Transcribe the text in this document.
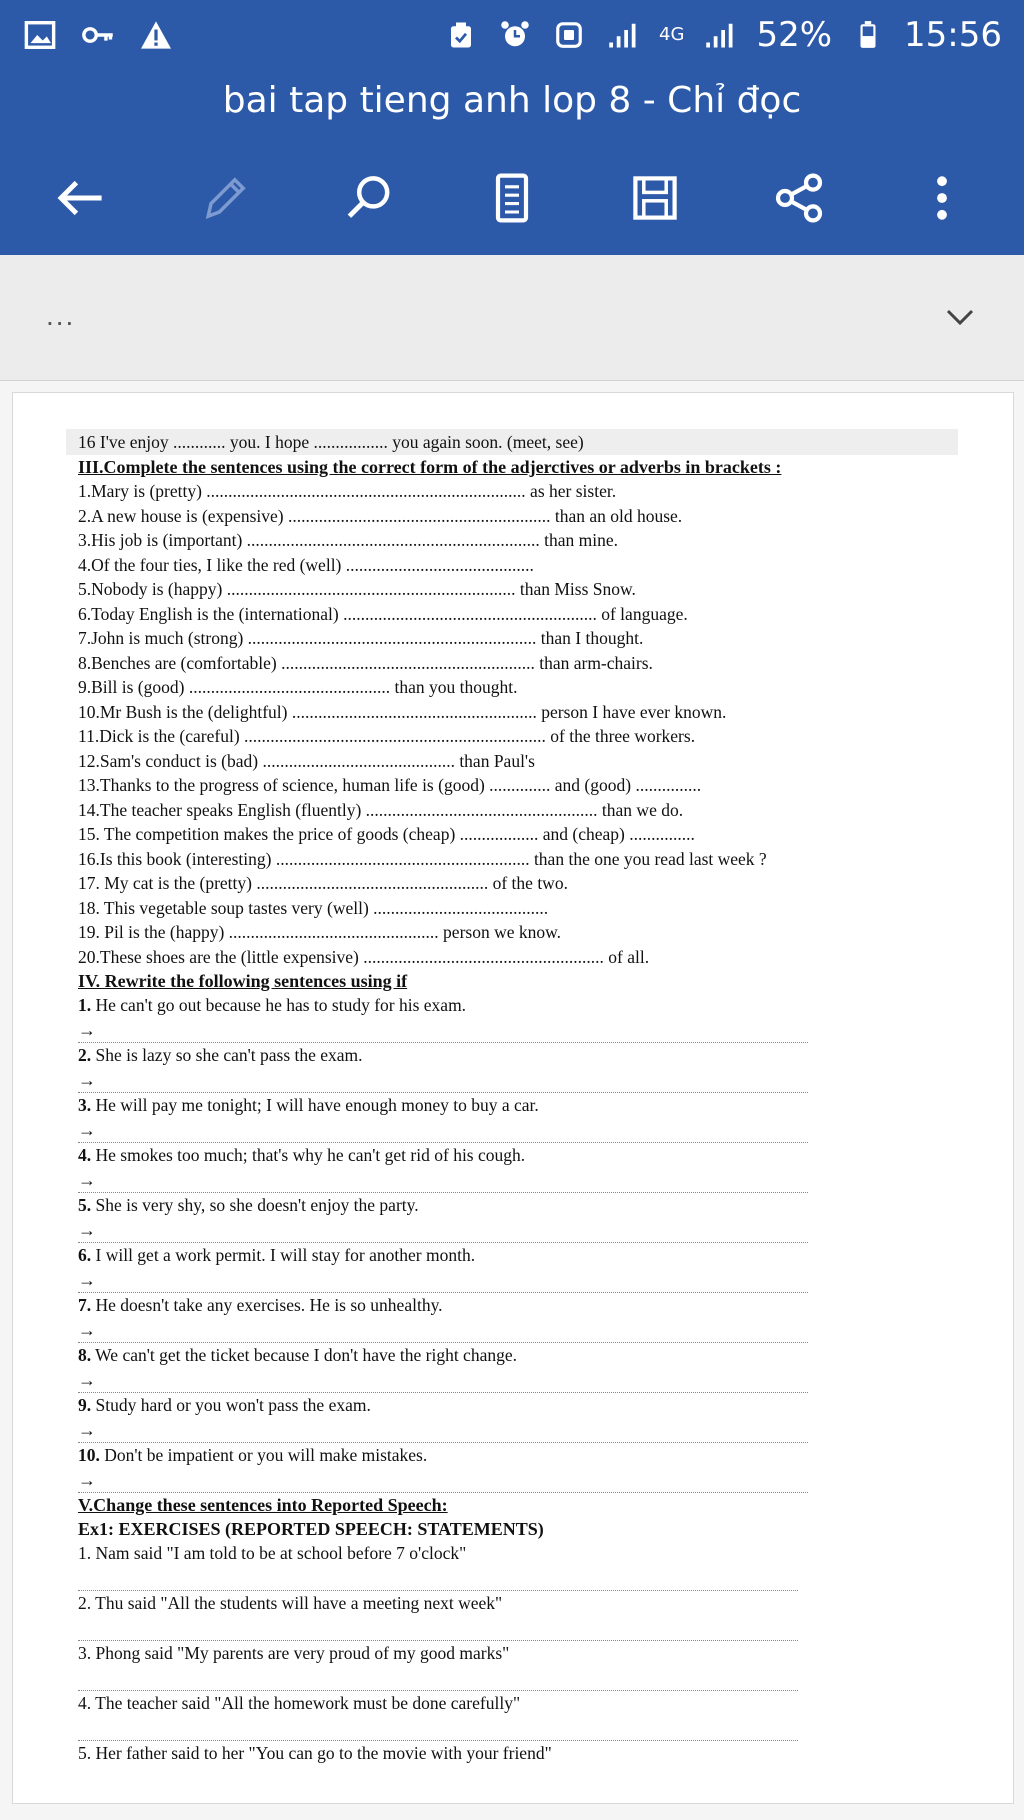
4G 52% 15:56
bai tap tieng anh lop 8 - Chỉ đọc
...
16 I've enjoy ............ you. I hope ................. you again soon. (meet, see)
III.Complete the sentences using the correct form of the adjerctives or adverbs in brackets :
1.Mary is (pretty) ......................................................................... as her sister.
2.A new house is (expensive) ............................................................ than an old house.
3.His job is (important) ................................................................... than mine.
4.Of the four ties, I like the red (well) ...........................................
5.Nobody is (happy) .................................................................. than Miss Snow.
6.Today English is the (international) .......................................................... of language.
7.John is much (strong) .................................................................. than I thought.
8.Benches are (comfortable) .......................................................... than arm-chairs.
9.Bill is (good) .............................................. than you thought.
10.Mr Bush is the (delightful) ........................................................ person I have ever known.
11.Dick is the (careful) ..................................................................... of the three workers.
12.Sam's conduct is (bad) ............................................ than Paul's
13.Thanks to the progress of science, human life is (good) .............. and (good) ...............
14.The teacher speaks English (fluently) ..................................................... than we do.
15. The competition makes the price of goods (cheap) .................. and (cheap) ...............
16.Is this book (interesting) .......................................................... than the one you read last week ?
17. My cat is the (pretty) ..................................................... of the two.
18. This vegetable soup tastes very (well) ........................................
19. Pil is the (happy) ................................................ person we know.
20.These shoes are the (little expensive) ....................................................... of all.
IV. Rewrite the following sentences using if
1. He can't go out because he has to study for his exam.
→
2. She is lazy so she can't pass the exam.
→
3. He will pay me tonight; I will have enough money to buy a car.
→
4. He smokes too much; that's why he can't get rid of his cough.
→
5. She is very shy, so she doesn't enjoy the party.
→
6. I will get a work permit. I will stay for another month.
→
7. He doesn't take any exercises. He is so unhealthy.
→
8. We can't get the ticket because I don't have the right change.
→
9. Study hard or you won't pass the exam.
→
10. Don't be impatient or you will make mistakes.
→
V.Change these sentences into Reported Speech:
Ex1: EXERCISES (REPORTED SPEECH: STATEMENTS)
1. Nam said "I am told to be at school before 7 o'clock"
2. Thu said "All the students will have a meeting next week"
3. Phong said "My parents are very proud of my good marks"
4. The teacher said "All the homework must be done carefully"
5. Her father said to her "You can go to the movie with your friend"
